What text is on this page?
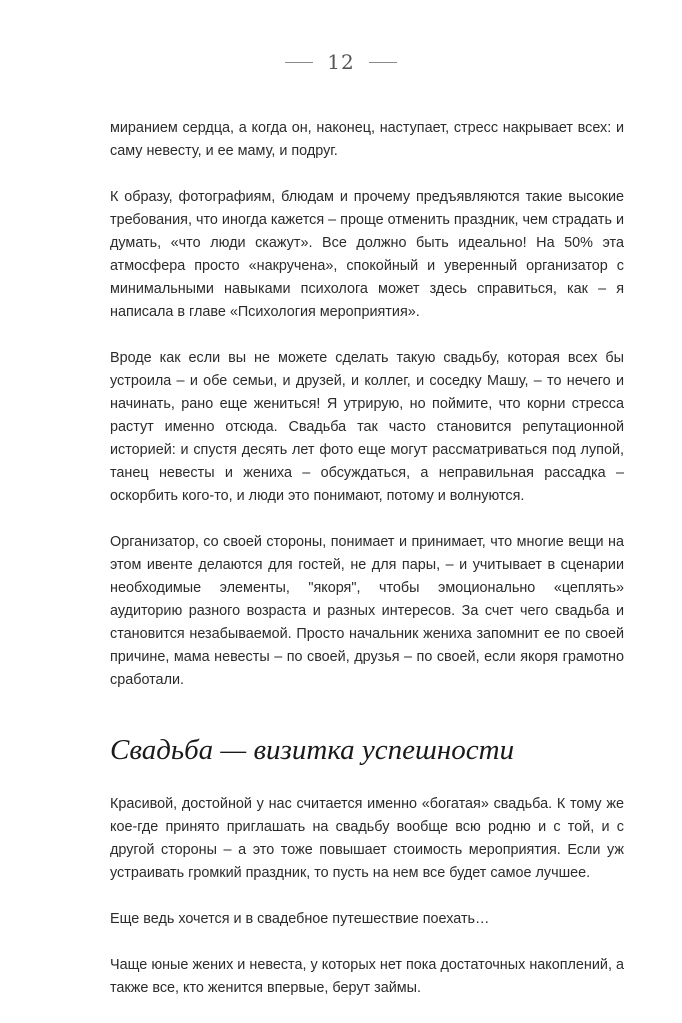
12

миранием сердца, а когда он, наконец, наступает, стресс накрывает всех: и саму невесту, и ее маму, и подруг.

К образу, фотографиям, блюдам и прочему предъявляются такие высокие требования, что иногда кажется – проще отменить праздник, чем страдать и думать, «что люди скажут». Все должно быть идеально! На 50% эта атмосфера просто «накручена», спокойный и уверенный организатор с минимальными навыками психолога может здесь справиться, как – я написала в главе «Психология мероприятия».

Вроде как если вы не можете сделать такую свадьбу, которая всех бы устроила – и обе семьи, и друзей, и коллег, и соседку Машу, – то нечего и начинать, рано еще жениться! Я утрирую, но поймите, что корни стресса растут именно отсюда. Свадьба так часто становится репутационной историей: и спустя десять лет фото еще могут рассматриваться под лупой, танец невесты и жениха – обсуждаться, а неправильная рассадка – оскорбить кого-то, и люди это понимают, потому и волнуются.

Организатор, со своей стороны, понимает и принимает, что многие вещи на этом ивенте делаются для гостей, не для пары, – и учитывает в сценарии необходимые элементы, "якоря", чтобы эмоционально «цеплять» аудиторию разного возраста и разных интересов. За счет чего свадьба и становится незабываемой. Просто начальник жениха запомнит ее по своей причине, мама невесты – по своей, друзья – по своей, если якоря грамотно сработали.

Свадьба — визитка успешности

Красивой, достойной у нас считается именно «богатая» свадьба. К тому же кое-где принято приглашать на свадьбу вообще всю родню и с той, и с другой стороны – а это тоже повышает стоимость мероприятия. Если уж устраивать громкий праздник, то пусть на нем все будет самое лучшее.

Еще ведь хочется и в свадебное путешествие поехать…

Чаще юные жених и невеста, у которых нет пока достаточных накоплений, а также все, кто женится впервые, берут займы.
